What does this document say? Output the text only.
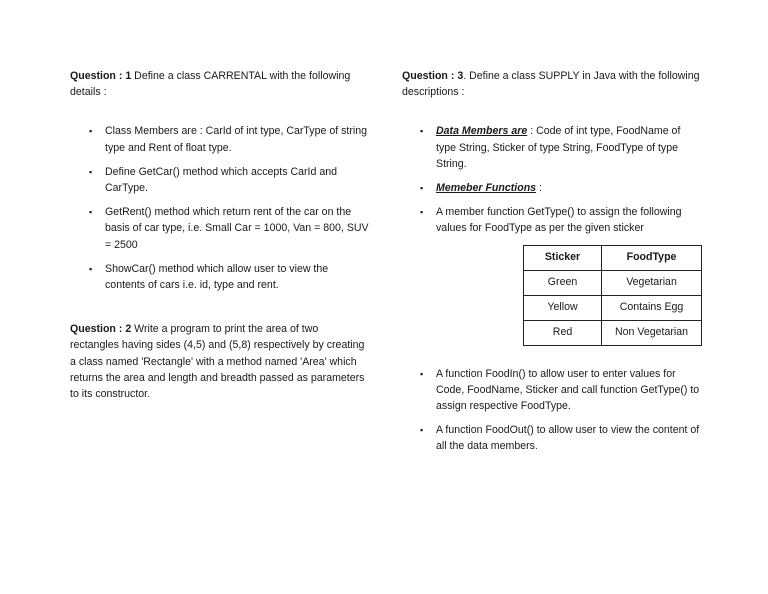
Question : 1 Define a class CARRENTAL with the following details :

▪ Class Members are : CarId of int type, CarType of string type and Rent of float type.
▪ Define GetCar() method which accepts CarId and CarType.
▪ GetRent() method which return rent of the car on the basis of car type, i.e. Small Car = 1000, Van = 800, SUV = 2500
▪ ShowCar() method which allow user to view the contents of cars i.e. id, type and rent.

Question : 2 Write a program to print the area of two rectangles having sides (4,5) and (5,8) respectively by creating a class named 'Rectangle' with a method named 'Area' which returns the area and length and breadth passed as parameters to its constructor.

Question : 3. Define a class SUPPLY in Java with the following descriptions :

▪ Data Members are : Code of int type, FoodName of type String, Sticker of type String, FoodType of type String.
▪ Memeber Functions :
▪ A member function GetType() to assign the following values for FoodType as per the given sticker
Sticker	FoodType
Green	Vegetarian
Yellow	Contains Egg
Red	Non Vegetarian
▪ A function FoodIn() to allow user to enter values for Code, FoodName, Sticker and call function GetType() to assign respective FoodType.
▪ A function FoodOut() to allow user to view the content of all the data members.
